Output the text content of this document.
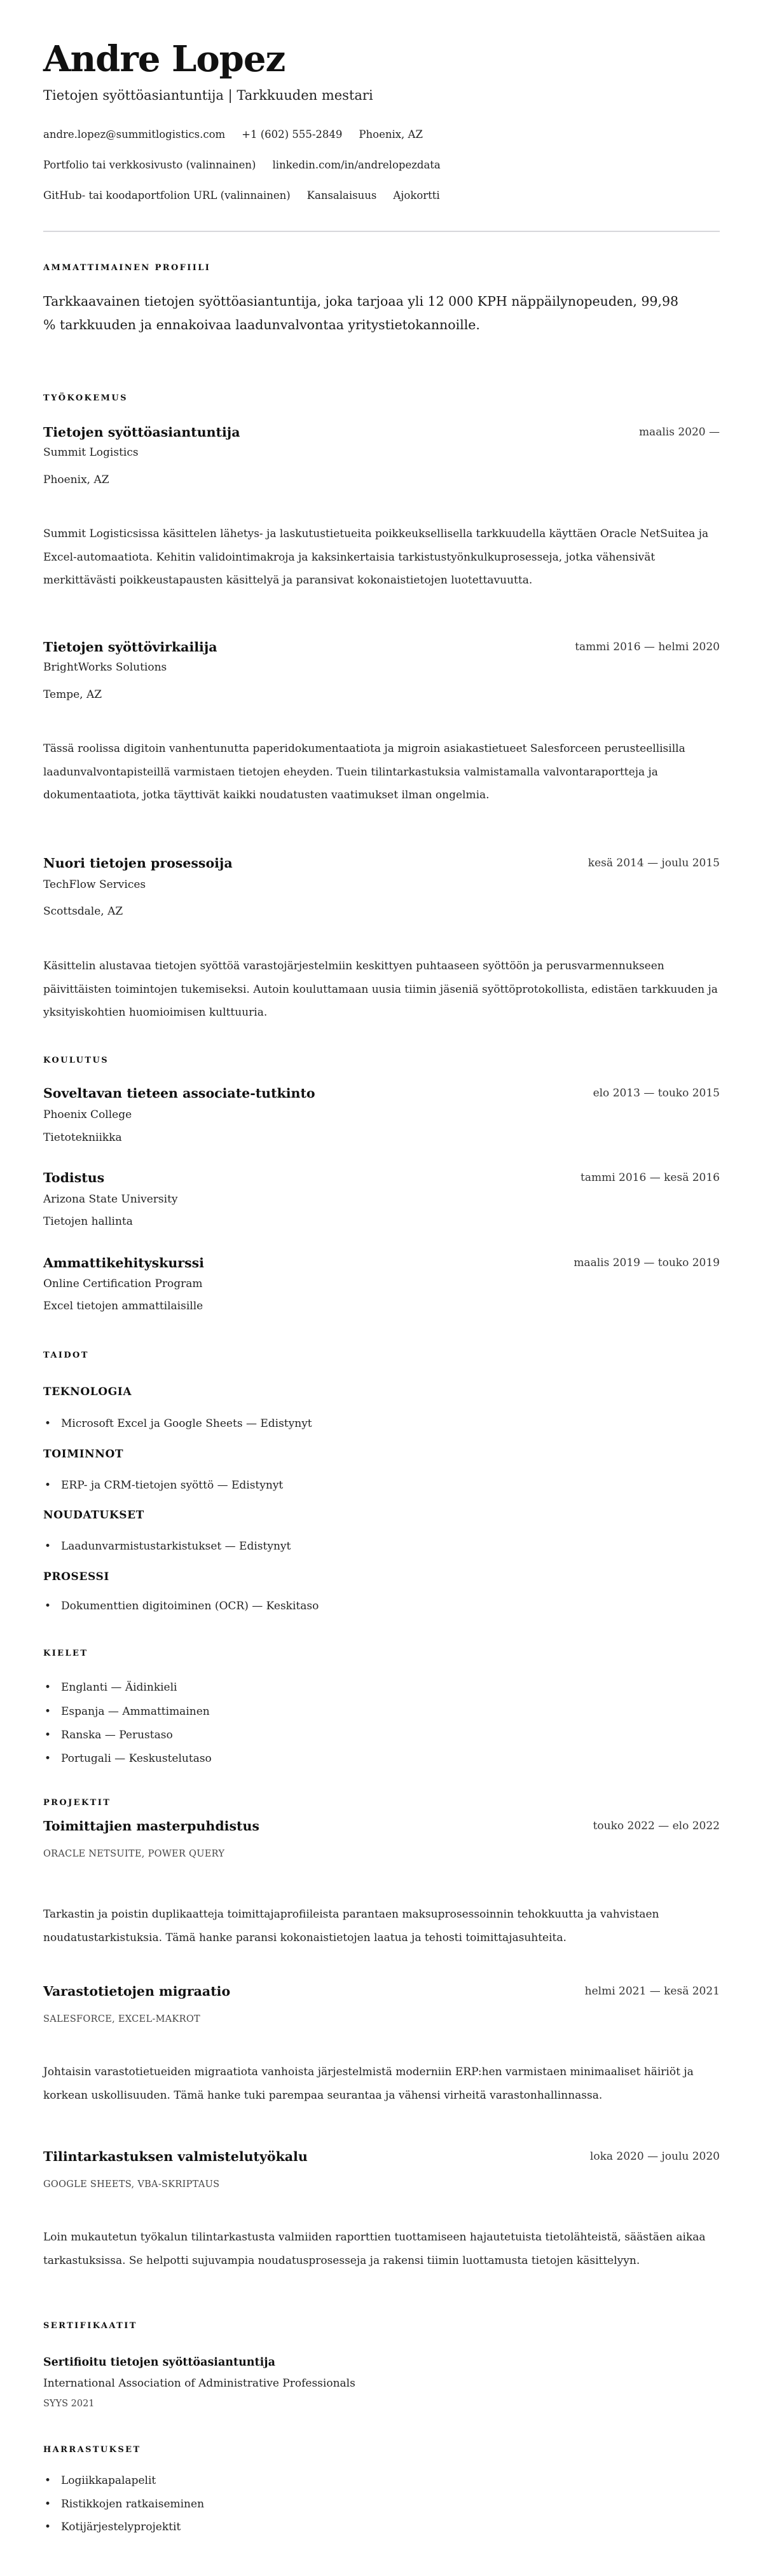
Andre Lopez
Tietojen syöttöasiantuntija | Tarkkuuden mestari
andre.lopez@summitlogistics.com +1 (602) 555-2849 Phoenix, AZ
Portfolio tai verkkosivusto (valinnainen) linkedin.com/in/andrelopezdata
GitHub- tai koodaportfolion URL (valinnainen) Kansalaisuus Ajokortti
AMMATTIMAINEN PROFIILI

Tarkkaavainen tietojen syöttöasiantuntija, joka tarjoaa yli 12 000 KPH näppäilynopeuden, 99,98 % tarkkuuden ja ennakoivaa laadunvalvontaa yritystietokannoille.

TYÖKOKEMUS
Tietojen syöttöasiantuntija	maalis 2020 —
Summit Logistics
Phoenix, AZ

Summit Logisticsissa käsittelen lähetys- ja laskutustietueita poikkeuksellisella tarkkuudella käyttäen Oracle NetSuitea ja Excel-automaatiota. Kehitin validointimakroja ja kaksinkertaisia tarkistustyönkulkuprosesseja, jotka vähensivät merkittävästi poikkeustapausten käsittelyä ja paransivat kokonaistietojen luotettavuutta.

Tietojen syöttövirkailija	tammi 2016 — helmi 2020
BrightWorks Solutions
Tempe, AZ

Tässä roolissa digitoin vanhentunutta paperidokumentaatiota ja migroin asiakastietueet Salesforceen perusteellisilla laadunvalvontapisteillä varmistaen tietojen eheyden. Tuein tilintarkastuksia valmistamalla valvontaraportteja ja dokumentaatiota, jotka täyttivät kaikki noudatusten vaatimukset ilman ongelmia.

Nuori tietojen prosessoija	kesä 2014 — joulu 2015
TechFlow Services
Scottsdale, AZ

Käsittelin alustavaa tietojen syöttöä varastojärjestelmiin keskittyen puhtaaseen syöttöön ja perusvarmennukseen päivittäisten toimintojen tukemiseksi. Autoin kouluttamaan uusia tiimin jäseniä syöttöprotokollista, edistäen tarkkuuden ja yksityiskohtien huomioimisen kulttuuria.

KOULUTUS
Soveltavan tieteen associate-tutkinto	elo 2013 — touko 2015
Phoenix College
Tietotekniikka
Todistus	tammi 2016 — kesä 2016
Arizona State University
Tietojen hallinta
Ammattikehityskurssi	maalis 2019 — touko 2019
Online Certification Program
Excel tietojen ammattilaisille
TAIDOT
TEKNOLOGIA
• Microsoft Excel ja Google Sheets — Edistynyt
TOIMINNOT
• ERP- ja CRM-tietojen syöttö — Edistynyt
NOUDATUKSET
• Laadunvarmistustarkistukset — Edistynyt
PROSESSI
• Dokumenttien digitoiminen (OCR) — Keskitaso
KIELET
• Englanti — Äidinkieli
• Espanja — Ammattimainen
• Ranska — Perustaso
• Portugali — Keskustelutaso
PROJEKTIT
Toimittajien masterpuhdistus	touko 2022 — elo 2022
ORACLE NETSUITE, POWER QUERY

Tarkastin ja poistin duplikaatteja toimittajaprofiileista parantaen maksuprosessoinnin tehokkuutta ja vahvistaen noudatustarkistuksia. Tämä hanke paransi kokonaistietojen laatua ja tehosti toimittajasuhteita.

Varastotietojen migraatio	helmi 2021 — kesä 2021
SALESFORCE, EXCEL-MAKROT

Johtaisin varastotietueiden migraatiota vanhoista järjestelmistä moderniin ERP:hen varmistaen minimaaliset häiriöt ja korkean uskollisuuden. Tämä hanke tuki parempaa seurantaa ja vähensi virheitä varastonhallinnassa.

Tilintarkastuksen valmistelutyökalu	loka 2020 — joulu 2020
GOOGLE SHEETS, VBA-SKRIPTAUS

Loin mukautetun työkalun tilintarkastusta valmiiden raporttien tuottamiseen hajautetuista tietolähteistä, säästäen aikaa tarkastuksissa. Se helpotti sujuvampia noudatusprosesseja ja rakensi tiimin luottamusta tietojen käsittelyyn.

SERTIFIKAATIT
Sertifioitu tietojen syöttöasiantuntija
International Association of Administrative Professionals
SYYS 2021
HARRASTUKSET
• Logiikkapalapelit
• Ristikkojen ratkaiseminen
• Kotijärjestelyprojektit
